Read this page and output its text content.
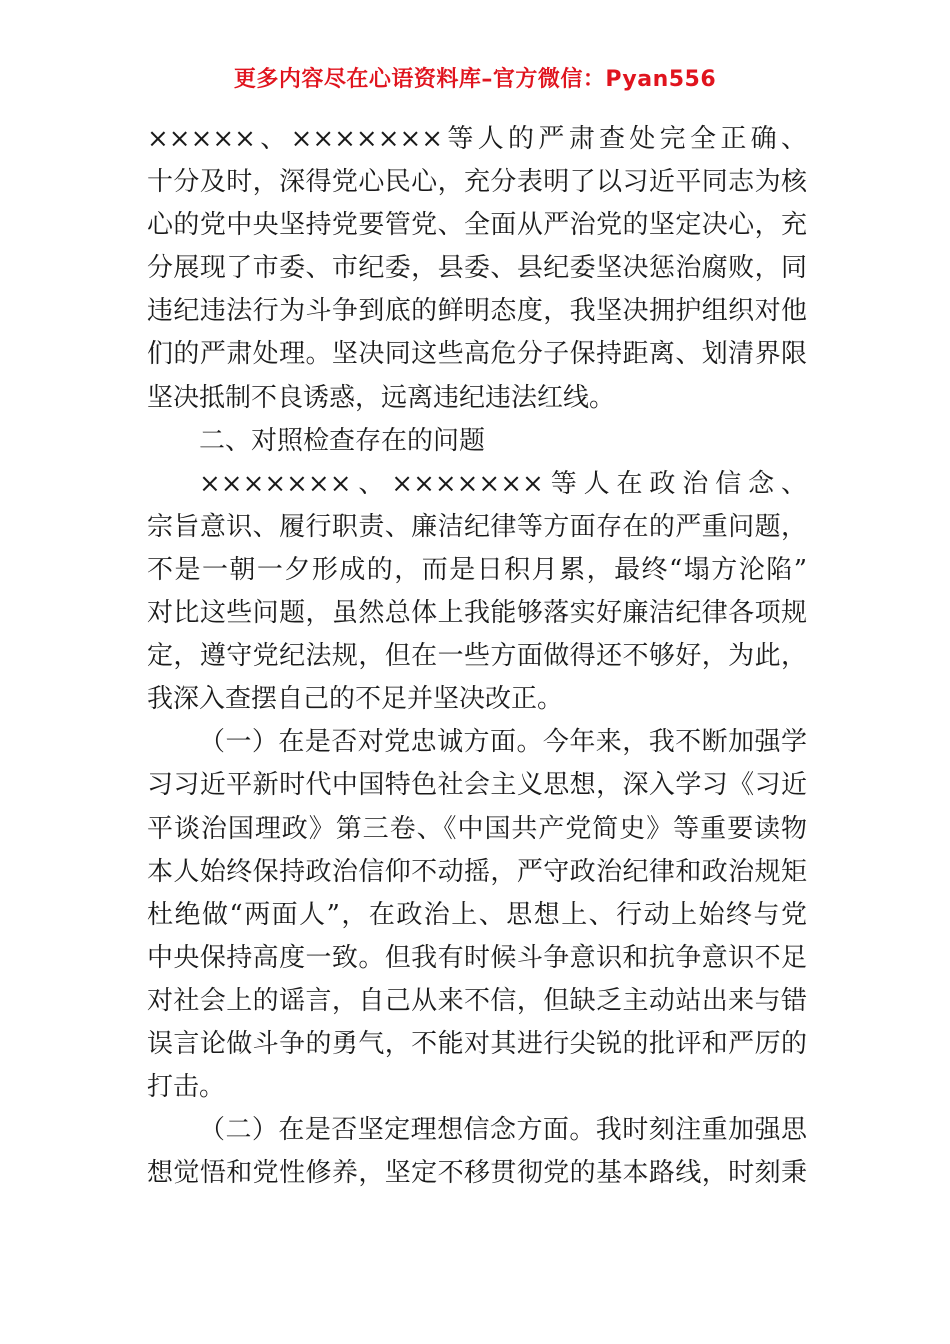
更多内容尽在心语资料库–官方微信：Pyan556
×××××、×××××××等人的严肃查处完全正确、
十分及时，深得党心民心，充分表明了以习近平同志为核
心的党中央坚持党要管党、全面从严治党的坚定决心，充
分展现了市委、市纪委，县委、县纪委坚决惩治腐败，同
违纪违法行为斗争到底的鲜明态度，我坚决拥护组织对他
们的严肃处理。坚决同这些高危分子保持距离、划清界限
坚决抵制不良诱惑，远离违纪违法红线。
二、对照检查存在的问题
×××××××、×××××××等人在政治信念、
宗旨意识、履行职责、廉洁纪律等方面存在的严重问题，
不是一朝一夕形成的，而是日积月累，最终“塌方沦陷”
对比这些问题，虽然总体上我能够落实好廉洁纪律各项规
定，遵守党纪法规，但在一些方面做得还不够好，为此，
我深入查摆自己的不足并坚决改正。
（一）在是否对党忠诚方面。今年来，我不断加强学
习习近平新时代中国特色社会主义思想，深入学习《习近
平谈治国理政》第三卷、《中国共产党简史》等重要读物
本人始终保持政治信仰不动摇，严守政治纪律和政治规矩
杜绝做“两面人”，在政治上、思想上、行动上始终与党
中央保持高度一致。但我有时候斗争意识和抗争意识不足
对社会上的谣言，自己从来不信，但缺乏主动站出来与错
误言论做斗争的勇气，不能对其进行尖锐的批评和严厉的
打击。
（二）在是否坚定理想信念方面。我时刻注重加强思
想觉悟和党性修养，坚定不移贯彻党的基本路线，时刻秉
